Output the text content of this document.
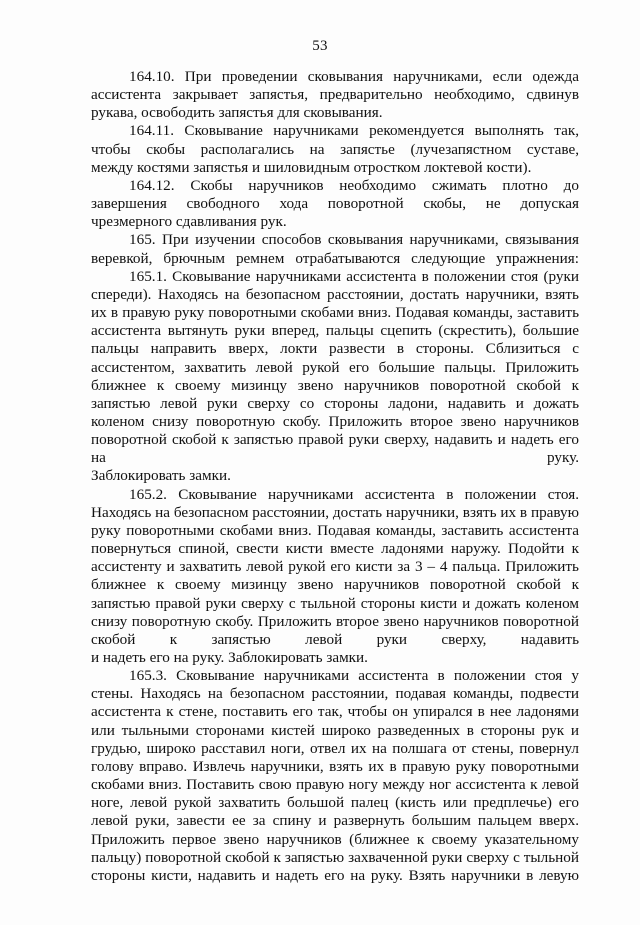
53

164.10. При проведении сковывания наручниками, если одежда ассистента закрывает запястья, предварительно необходимо, сдвинув

рукава, освободить запястья для сковывания.

164.11. Сковывание наручниками рекомендуется выполнять так, чтобы скобы располагались на запястье (лучезапястном суставе,

между костями запястья и шиловидным отростком локтевой кости).

164.12. Скобы наручников необходимо сжимать плотно до завершения свободного хода поворотной скобы, не допуская

чрезмерного сдавливания рук.

165. При изучении способов сковывания наручниками, связывания веревкой, брючным ремнем отрабатываются следующие упражнения:

165.1. Сковывание наручниками ассистента в положении стоя (руки спереди). Находясь на безопасном расстоянии, достать наручники, взять их в правую руку поворотными скобами вниз. Подавая команды, заставить ассистента вытянуть руки вперед, пальцы сцепить (скрестить), большие пальцы направить вверх, локти развести в стороны. Сблизиться с ассистентом, захватить левой рукой его большие пальцы. Приложить ближнее к своему мизинцу звено наручников поворотной скобой к запястью левой руки сверху со стороны ладони, надавить и дожать коленом снизу поворотную скобу. Приложить второе звено наручников поворотной скобой к запястью правой руки сверху, надавить и надеть его на руку.

Заблокировать замки.

165.2. Сковывание наручниками ассистента в положении стоя. Находясь на безопасном расстоянии, достать наручники, взять их в правую руку поворотными скобами вниз. Подавая команды, заставить ассистента повернуться спиной, свести кисти вместе ладонями наружу. Подойти к ассистенту и захватить левой рукой его кисти за 3 – 4 пальца. Приложить ближнее к своему мизинцу звено наручников поворотной скобой к запястью правой руки сверху с тыльной стороны кисти и дожать коленом снизу поворотную скобу. Приложить второе звено наручников поворотной скобой к запястью левой руки сверху, надавить

и надеть его на руку. Заблокировать замки.

165.3. Сковывание наручниками ассистента в положении стоя у стены. Находясь на безопасном расстоянии, подавая команды, подвести ассистента к стене, поставить его так, чтобы он упирался в нее ладонями или тыльными сторонами кистей широко разведенных в стороны рук и грудью, широко расставил ноги, отвел их на полшага от стены, повернул голову вправо. Извлечь наручники, взять их в правую руку поворотными скобами вниз. Поставить свою правую ногу между ног ассистента к левой ноге, левой рукой захватить большой палец (кисть или предплечье) его левой руки, завести ее за спину и развернуть большим пальцем вверх. Приложить первое звено наручников (ближнее к своему указательному пальцу) поворотной скобой к запястью захваченной руки сверху с тыльной стороны кисти, надавить и надеть его на руку. Взять наручники в левую
